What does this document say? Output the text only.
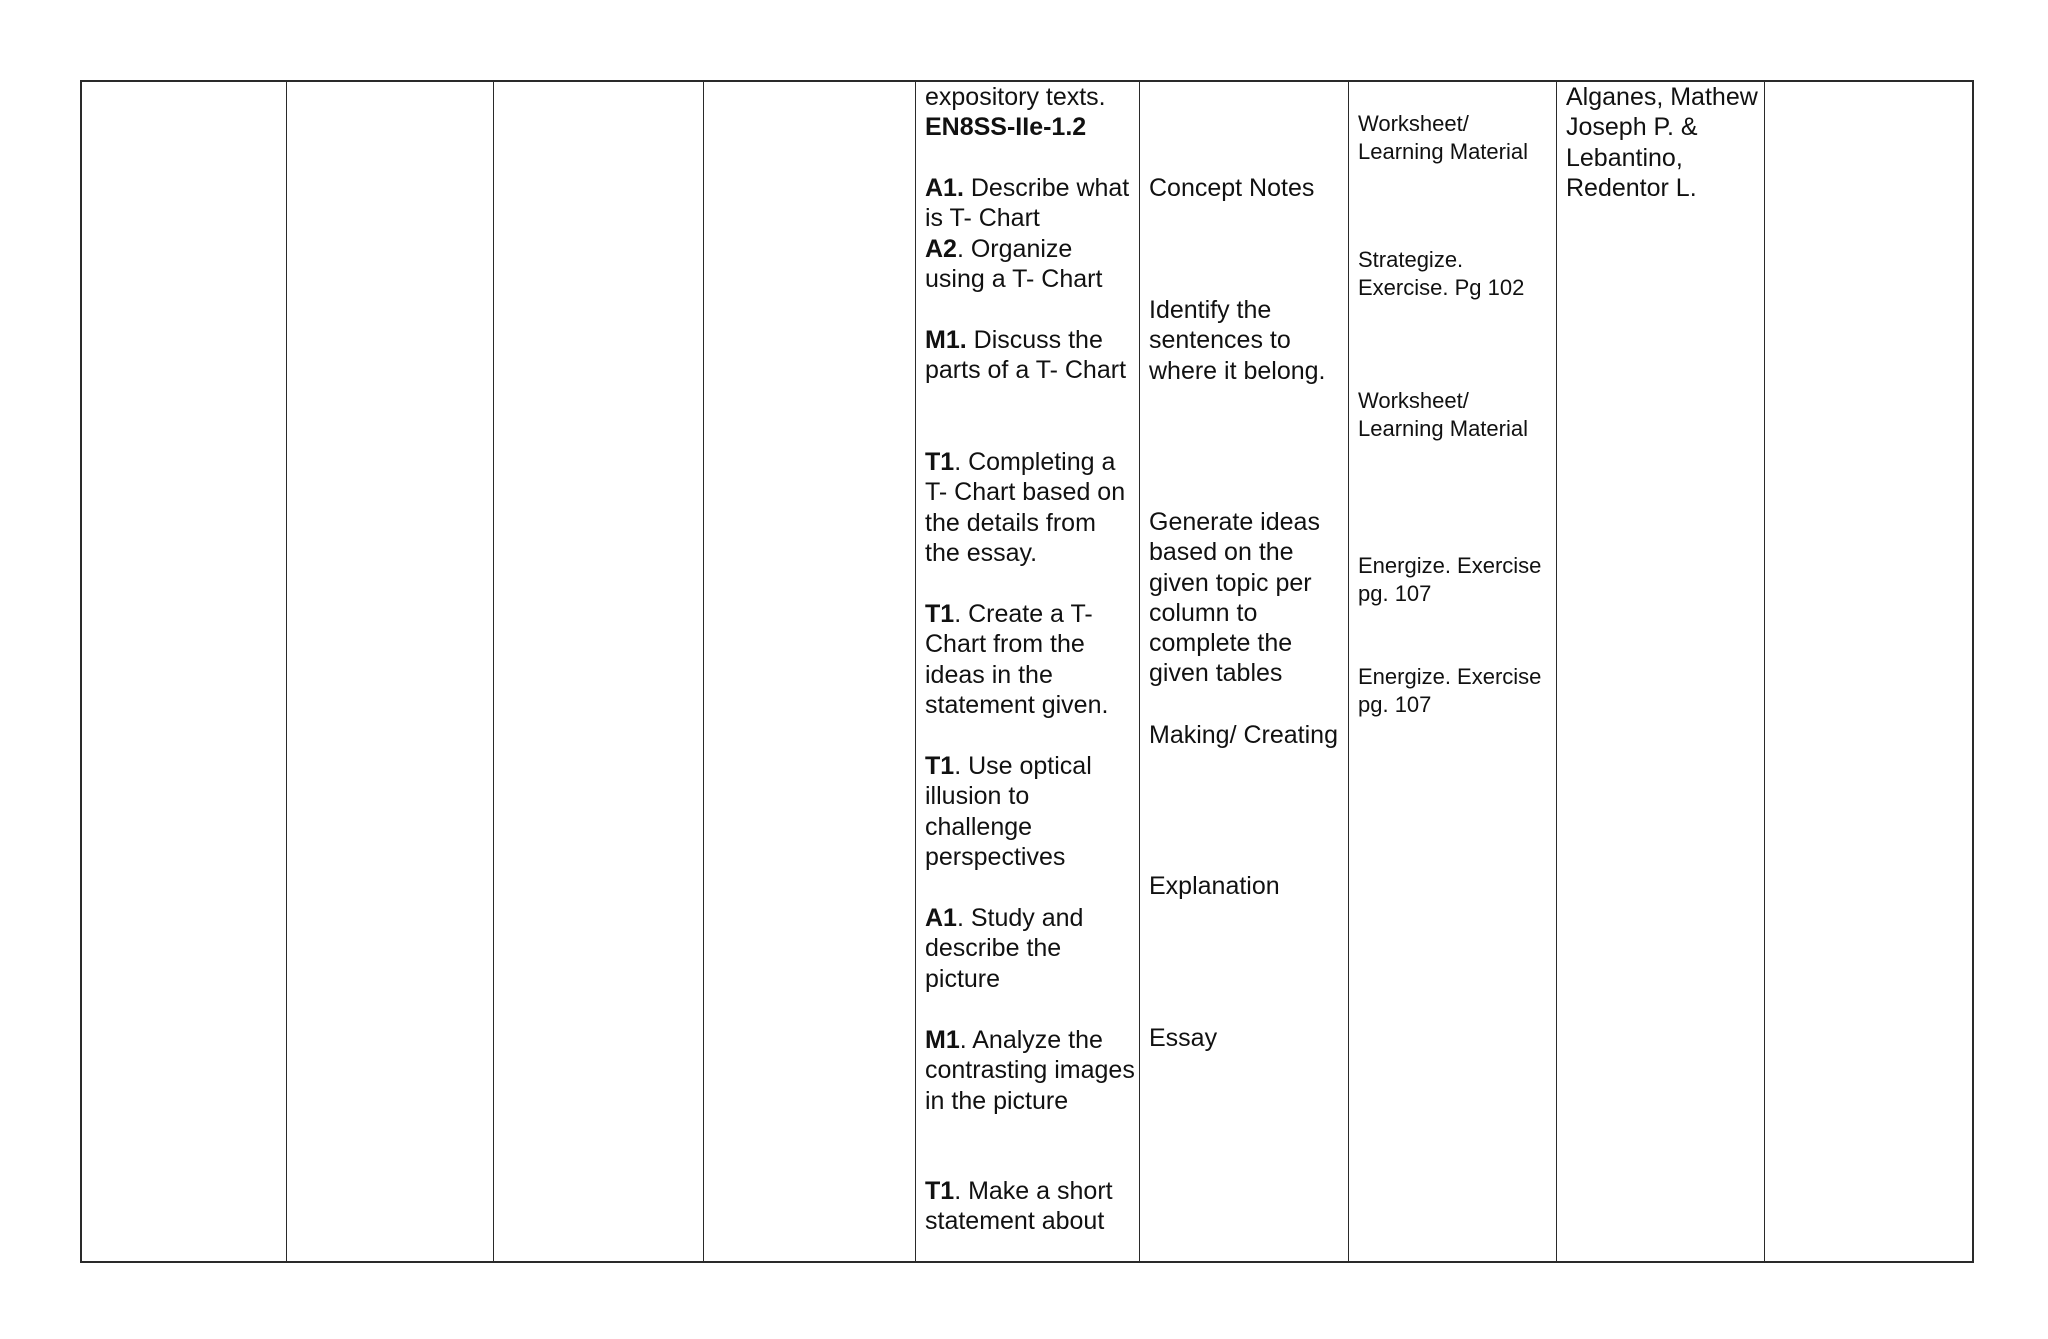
expository texts.
EN8SS-IIe-1.2
A1. Describe what is T- Chart
A2. Organize using a T- Chart
M1. Discuss the parts of a T- Chart
T1. Completing a T- Chart based on the details from the essay.
T1. Create a T- Chart from the ideas in the statement given.
T1. Use optical illusion to challenge perspectives
A1. Study and describe the picture
M1. Analyze the contrasting images in the picture
T1. Make a short statement about
Concept Notes
Identify the sentences to where it belong.
Generate ideas based on the given topic per column to complete the given tables
Making/ Creating
Explanation
Essay
Worksheet/ Learning Material
Strategize. Exercise. Pg 102
Worksheet/ Learning Material
Energize. Exercise pg. 107
Energize. Exercise pg. 107
Alganes, Mathew Joseph P. & Lebantino, Redentor L.
